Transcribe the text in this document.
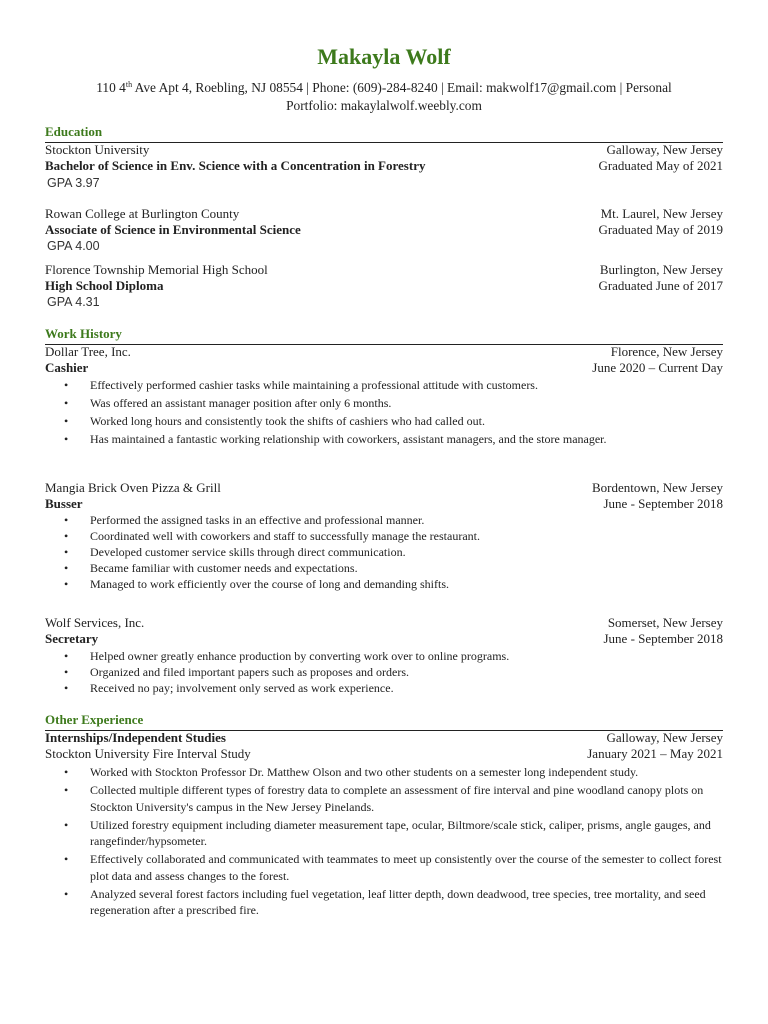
Makayla Wolf
110 4th Ave Apt 4, Roebling, NJ 08554 | Phone: (609)-284-8240 | Email: makwolf17@gmail.com | Personal
Portfolio: makaylalwolf.weebly.com
Education
Stockton University	Galloway, New Jersey
Bachelor of Science in Env. Science with a Concentration in Forestry	Graduated May of 2021
GPA 3.97
Rowan College at Burlington County	Mt. Laurel, New Jersey
Associate of Science in Environmental Science	Graduated May of 2019
GPA 4.00
Florence Township Memorial High School	Burlington, New Jersey
High School Diploma	Graduated June of 2017
GPA 4.31
Work History
Dollar Tree, Inc.	Florence, New Jersey
Cashier	June 2020 – Current Day
• Effectively performed cashier tasks while maintaining a professional attitude with customers.
• Was offered an assistant manager position after only 6 months.
• Worked long hours and consistently took the shifts of cashiers who had called out.
• Has maintained a fantastic working relationship with coworkers, assistant managers, and the store manager.
Mangia Brick Oven Pizza & Grill	Bordentown, New Jersey
Busser	June - September 2018
• Performed the assigned tasks in an effective and professional manner.
• Coordinated well with coworkers and staff to successfully manage the restaurant.
• Developed customer service skills through direct communication.
• Became familiar with customer needs and expectations.
• Managed to work efficiently over the course of long and demanding shifts.
Wolf Services, Inc.	Somerset, New Jersey
Secretary	June - September 2018
• Helped owner greatly enhance production by converting work over to online programs.
• Organized and filed important papers such as proposes and orders.
• Received no pay; involvement only served as work experience.
Other Experience
Internships/Independent Studies	Galloway, New Jersey
Stockton University Fire Interval Study	January 2021 – May 2021
• Worked with Stockton Professor Dr. Matthew Olson and two other students on a semester long independent study.
• Collected multiple different types of forestry data to complete an assessment of fire interval and pine woodland canopy plots on Stockton University's campus in the New Jersey Pinelands.
• Utilized forestry equipment including diameter measurement tape, ocular, Biltmore/scale stick, caliper, prisms, angle gauges, and rangefinder/hypsometer.
• Effectively collaborated and communicated with teammates to meet up consistently over the course of the semester to collect forest plot data and assess changes to the forest.
• Analyzed several forest factors including fuel vegetation, leaf litter depth, down deadwood, tree species, tree mortality, and seed regeneration after a prescribed fire.
